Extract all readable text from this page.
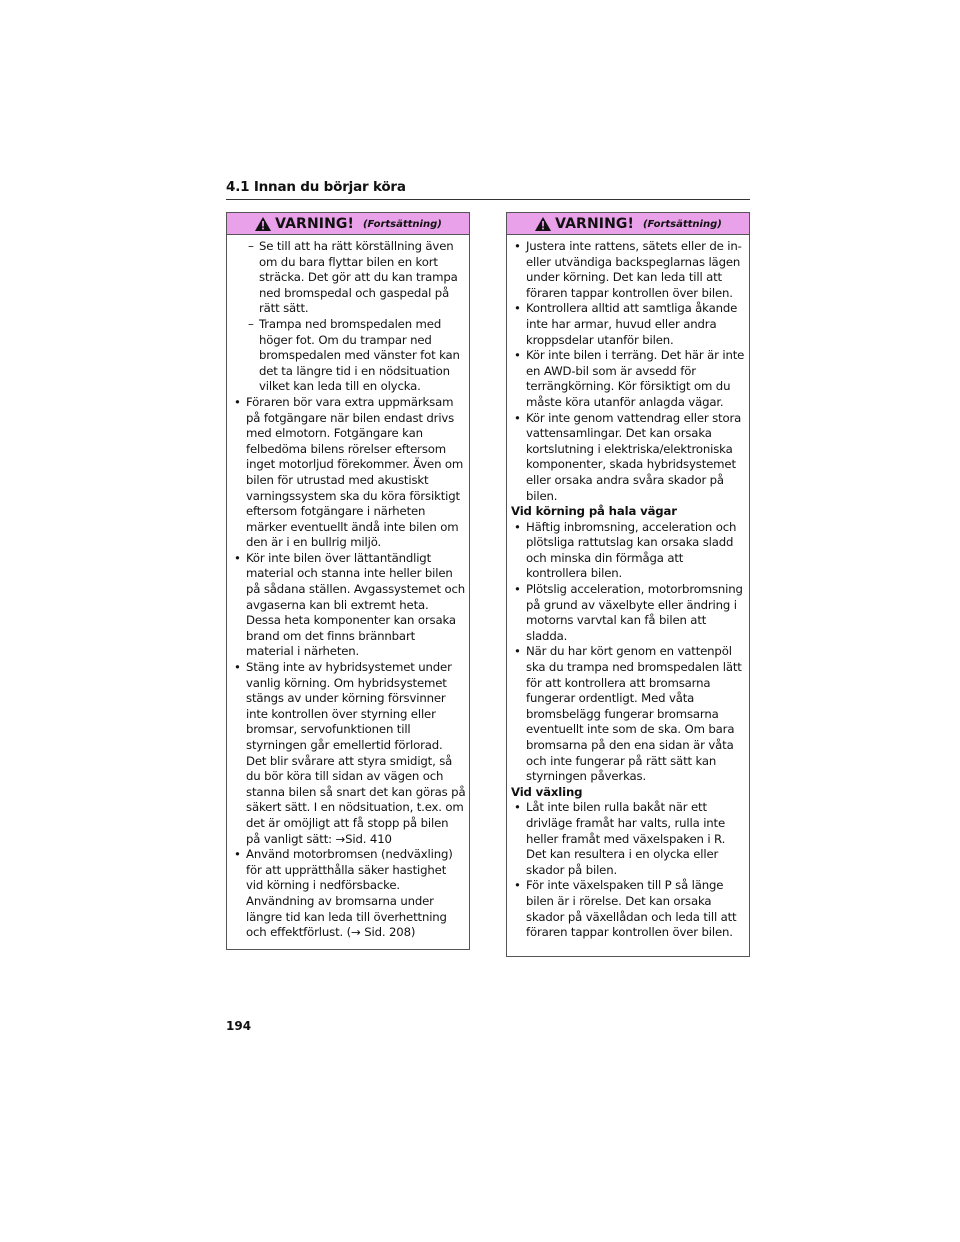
4.1 Innan du börjar köra
VARNING! (Fortsättning)

– Se till att ha rätt körställning även om du bara flyttar bilen en kort sträcka. Det gör att du kan trampa ned bromspedal och gaspedal på rätt sätt.

– Trampa ned bromspedalen med höger fot. Om du trampar ned bromspedalen med vänster fot kan det ta längre tid i en nödsituation vilket kan leda till en olycka.

• Föraren bör vara extra uppmärksam på fotgängare när bilen endast drivs med elmotorn. Fotgängare kan felbedöma bilens rörelser eftersom inget motorljud förekommer. Även om bilen för utrustad med akustiskt varningssystem ska du köra försiktigt eftersom fotgängare i närheten märker eventuellt ändå inte bilen om den är i en bullrig miljö.

• Kör inte bilen över lättantändligt material och stanna inte heller bilen på sådana ställen. Avgassystemet och avgaserna kan bli extremt heta. Dessa heta komponenter kan orsaka brand om det finns brännbart material i närheten.

• Stäng inte av hybridsystemet under vanlig körning. Om hybridsystemet stängs av under körning försvinner inte kontrollen över styrning eller bromsar, servofunktionen till styrningen går emellertid förlorad. Det blir svårare att styra smidigt, så du bör köra till sidan av vägen och stanna bilen så snart det kan göras på säkert sätt. I en nödsituation, t.ex. om det är omöjligt att få stopp på bilen på vanligt sätt: →Sid. 410

• Använd motorbromsen (nedväxling) för att upprätthålla säker hastighet vid körning i nedförsbacke. Användning av bromsarna under längre tid kan leda till överhettning och effektförlust. (→ Sid. 208)

VARNING! (Fortsättning)

• Justera inte rattens, sätets eller de in- eller utvändiga backspeglarnas lägen under körning. Det kan leda till att föraren tappar kontrollen över bilen.

• Kontrollera alltid att samtliga åkande inte har armar, huvud eller andra kroppsdelar utanför bilen.

• Kör inte bilen i terräng. Det här är inte en AWD-bil som är avsedd för terrängkörning. Kör försiktigt om du måste köra utanför anlagda vägar.

• Kör inte genom vattendrag eller stora vattensamlingar. Det kan orsaka kortslutning i elektriska/elektroniska komponenter, skada hybridsystemet eller orsaka andra svåra skador på bilen.

Vid körning på hala vägar

• Häftig inbromsning, acceleration och plötsliga rattutslag kan orsaka sladd och minska din förmåga att kontrollera bilen.

• Plötslig acceleration, motorbromsning på grund av växelbyte eller ändring i motorns varvtal kan få bilen att sladda.

• När du har kört genom en vattenpöl ska du trampa ned bromspedalen lätt för att kontrollera att bromsarna fungerar ordentligt. Med våta bromsbelägg fungerar bromsarna eventuellt inte som de ska. Om bara bromsarna på den ena sidan är våta och inte fungerar på rätt sätt kan styrningen påverkas.

Vid växling

• Låt inte bilen rulla bakåt när ett drivläge framåt har valts, rulla inte heller framåt med växelspaken i R. Det kan resultera i en olycka eller skador på bilen.

• För inte växelspaken till P så länge bilen är i rörelse. Det kan orsaka skador på växellådan och leda till att föraren tappar kontrollen över bilen.

194
